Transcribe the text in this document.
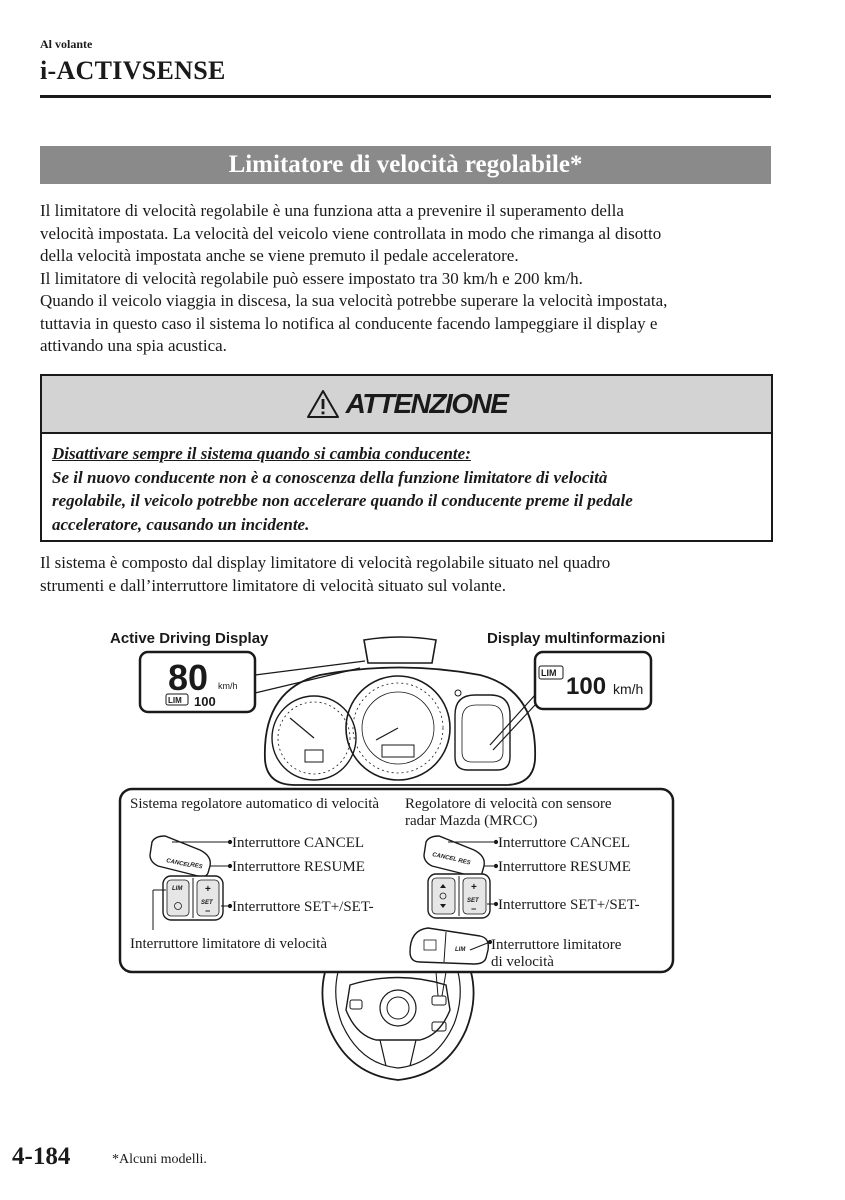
Al volante
i-ACTIVSENSE
Limitatore di velocità regolabile*

Il limitatore di velocità regolabile è una funziona atta a prevenire il superamento della

velocità impostata. La velocità del veicolo viene controllata in modo che rimanga al disotto

della velocità impostata anche se viene premuto il pedale acceleratore.

Il limitatore di velocità regolabile può essere impostato tra 30 km/h e 200 km/h.

Quando il veicolo viaggia in discesa, la sua velocità potrebbe superare la velocità impostata,

tuttavia in questo caso il sistema lo notifica al conducente facendo lampeggiare il display e

attivando una spia acustica.

ATTENZIONE
Disattivare sempre il sistema quando si cambia conducente:
Se il nuovo conducente non è a conoscenza della funzione limitatore di velocità
regolabile, il veicolo potrebbe non accelerare quando il conducente preme il pedale
acceleratore, causando un incidente.

Il sistema è composto dal display limitatore di velocità regolabile situato nel quadro

strumenti e dall’interruttore limitatore di velocità situato sul volante.

Active Driving Display	Display multinformazioni
80 km/h
LIM 100
LIM 100 km/h
Sistema regolatore automatico di velocità Regolatore di velocità con sensore
radar Mazda (MRCC)
CANCEL
RES
LIM +
SET
−
Interruttore CANCEL
Interruttore RESUME
Interruttore SET+/SET-
Interruttore limitatore di velocità
CANCEL RES
+
SET
−
LIM
Interruttore CANCEL
Interruttore RESUME
Interruttore SET+/SET-
Interruttore limitatore
di velocità
4-184	*Alcuni modelli.
